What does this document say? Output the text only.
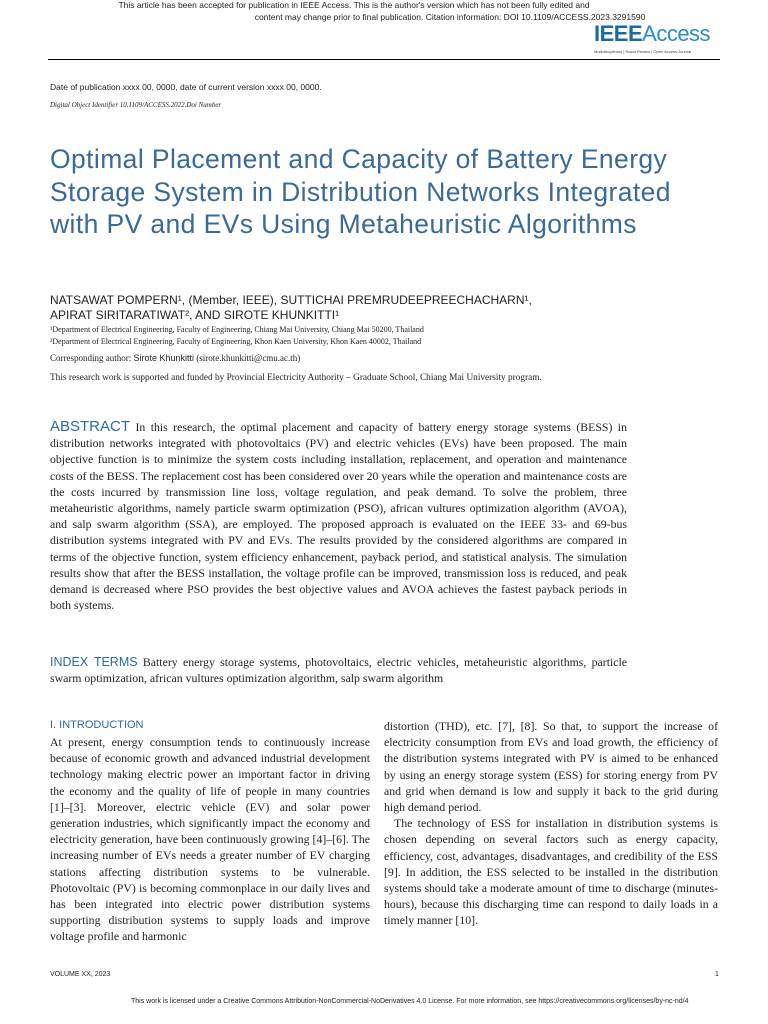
This article has been accepted for publication in IEEE Access. This is the author's version which has not been fully edited and
content may change prior to final publication. Citation information: DOI 10.1109/ACCESS.2023.3291590
IEEEAccess
Multidisciplinary | Rapid Review | Open Access Journal
Date of publication xxxx 00, 0000, date of current version xxxx 00, 0000.
Digital Object Identifier 10.1109/ACCESS.2022.Doi Number
Optimal Placement and Capacity of Battery Energy Storage System in Distribution Networks Integrated with PV and EVs Using Metaheuristic Algorithms
NATSAWAT POMPERN¹, (Member, IEEE), SUTTICHAI PREMRUDEEPREECHACHARN¹,
APIRAT SIRITARATIWAT², AND SIROTE KHUNKITTI¹
¹Department of Electrical Engineering, Faculty of Engineering, Chiang Mai University, Chiang Mai 50200, Thailand
²Department of Electrical Engineering, Faculty of Engineering, Khon Kaen University, Khon Kaen 40002, Thailand
Corresponding author: Sirote Khunkitti (sirote.khunkitti@cmu.ac.th)
This research work is supported and funded by Provincial Electricity Authority – Graduate School, Chiang Mai University program.
ABSTRACT In this research, the optimal placement and capacity of battery energy storage systems (BESS) in distribution networks integrated with photovoltaics (PV) and electric vehicles (EVs) have been proposed. The main objective function is to minimize the system costs including installation, replacement, and operation and maintenance costs of the BESS. The replacement cost has been considered over 20 years while the operation and maintenance costs are the costs incurred by transmission line loss, voltage regulation, and peak demand. To solve the problem, three metaheuristic algorithms, namely particle swarm optimization (PSO), african vultures optimization algorithm (AVOA), and salp swarm algorithm (SSA), are employed. The proposed approach is evaluated on the IEEE 33- and 69-bus distribution systems integrated with PV and EVs. The results provided by the considered algorithms are compared in terms of the objective function, system efficiency enhancement, payback period, and statistical analysis. The simulation results show that after the BESS installation, the voltage profile can be improved, transmission loss is reduced, and peak demand is decreased where PSO provides the best objective values and AVOA achieves the fastest payback periods in both systems.
INDEX TERMS Battery energy storage systems, photovoltaics, electric vehicles, metaheuristic algorithms, particle swarm optimization, african vultures optimization algorithm, salp swarm algorithm
I. INTRODUCTION
At present, energy consumption tends to continuously increase because of economic growth and advanced industrial development technology making electric power an important factor in driving the economy and the quality of life of people in many countries [1]–[3]. Moreover, electric vehicle (EV) and solar power generation industries, which significantly impact the economy and electricity generation, have been continuously growing [4]–[6]. The increasing number of EVs needs a greater number of EV charging stations affecting distribution systems to be vulnerable. Photovoltaic (PV) is becoming commonplace in our daily lives and has been integrated into electric power distribution systems supporting distribution systems to supply loads and improve voltage profile and harmonic
distortion (THD), etc. [7], [8]. So that, to support the increase of electricity consumption from EVs and load growth, the efficiency of the distribution systems integrated with PV is aimed to be enhanced by using an energy storage system (ESS) for storing energy from PV and grid when demand is low and supply it back to the grid during high demand period.
The technology of ESS for installation in distribution systems is chosen depending on several factors such as energy capacity, efficiency, cost, advantages, disadvantages, and credibility of the ESS [9]. In addition, the ESS selected to be installed in the distribution systems should take a moderate amount of time to discharge (minutes-hours), because this discharging time can respond to daily loads in a timely manner [10].
VOLUME XX, 2023	1
This work is licensed under a Creative Commons Attribution-NonCommercial-NoDerivatives 4.0 License. For more information, see https://creativecommons.org/licenses/by-nc-nd/4
